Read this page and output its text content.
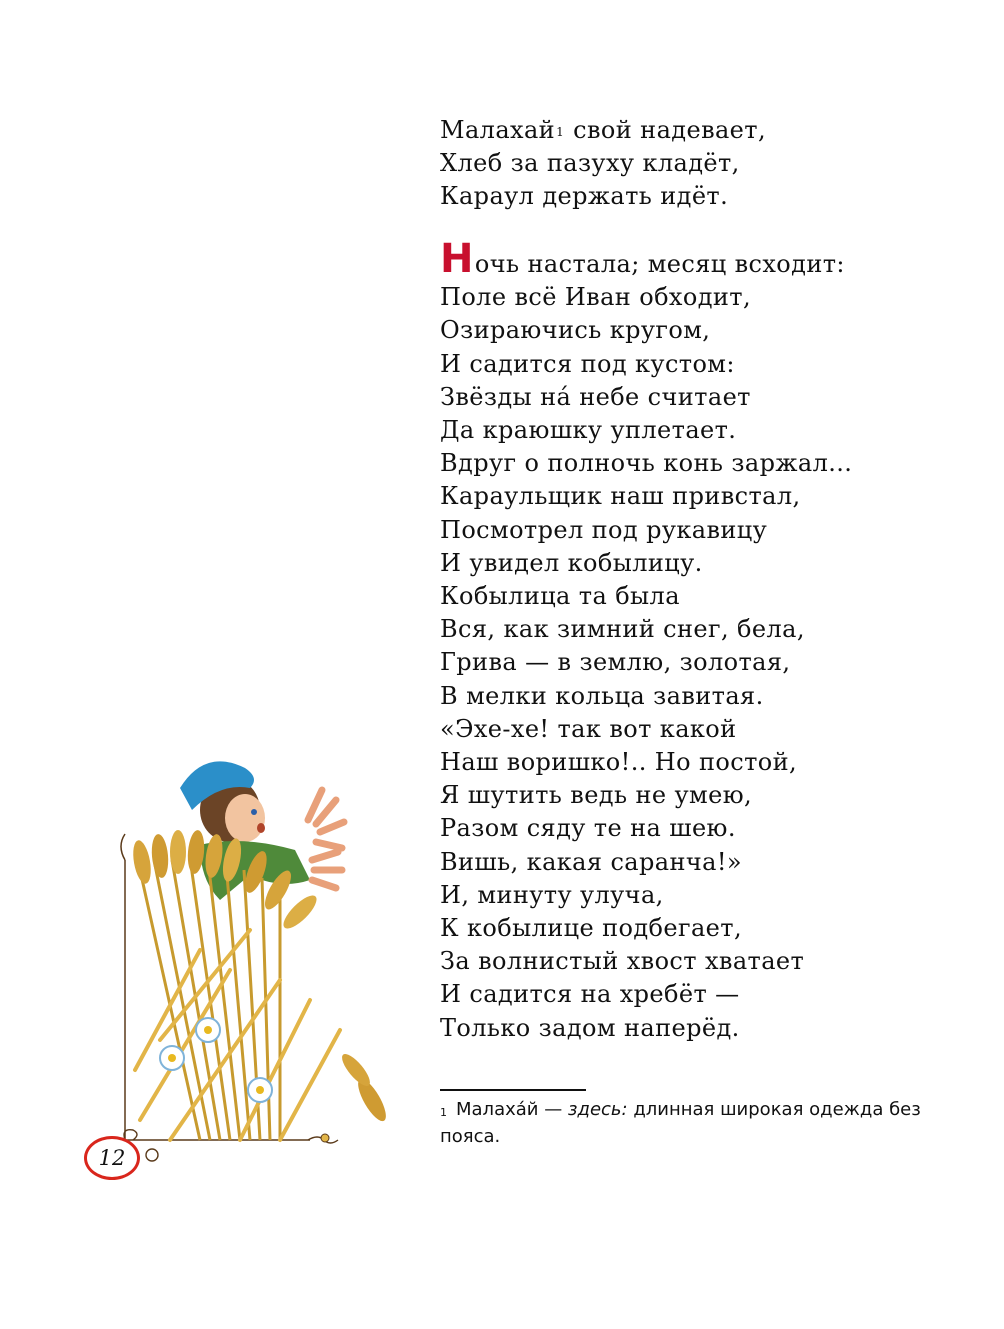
Малахай$^1$ свой надевает,
Хлеб за пазуху кладёт,
Караул держать идёт.
Ночь настала; месяц всходит:
Поле всё Иван обходит,
Озираючись кругом,
И садится под кустом:
Звёзды на́ небе считает
Да краюшку уплетает.
Вдруг о полночь конь заржал...
Караульщик наш привстал,
Посмотрел под рукавицу
И увидел кобылицу.
Кобылица та была
Вся, как зимний снег, бела,
Грива — в землю, золотая,
В мелки кольца завитая.
«Эхе-хе! так вот какой
Наш воришко!.. Но постой,
Я шутить ведь не умею,
Разом сяду те на шею.
Вишь, какая саранча!»
И, минуту улуча,
К кобылице подбегает,
За волнистый хвост хватает
И садится на хребёт —
Только задом наперёд.
$^1$ Малаха́й — здесь: длинная широкая одежда без пояса.
12
